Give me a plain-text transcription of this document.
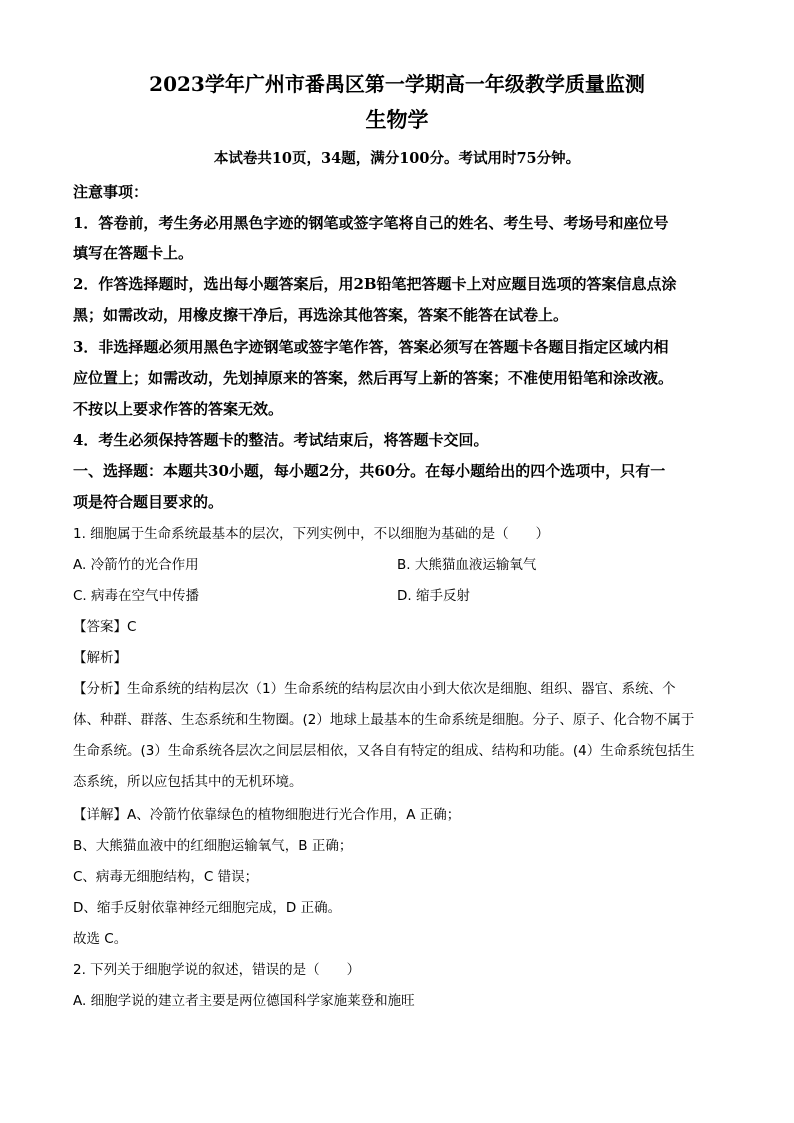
2023学年广州市番禺区第一学期高一年级教学质量监测
生物学
本试卷共10页，34题，满分100分。考试用时75分钟。
注意事项：
1．答卷前，考生务必用黑色字迹的钢笔或签字笔将自己的姓名、考生号、考场号和座位号
填写在答题卡上。
2．作答选择题时，选出每小题答案后，用2B铅笔把答题卡上对应题目选项的答案信息点涂
黑；如需改动，用橡皮擦干净后，再选涂其他答案，答案不能答在试卷上。
3．非选择题必须用黑色字迹钢笔或签字笔作答，答案必须写在答题卡各题目指定区域内相
应位置上；如需改动，先划掉原来的答案，然后再写上新的答案；不准使用铅笔和涂改液。
不按以上要求作答的答案无效。
4．考生必须保持答题卡的整洁。考试结束后，将答题卡交回。
一、选择题：本题共30小题，每小题2分，共60分。在每小题给出的四个选项中，只有一
项是符合题目要求的。
1. 细胞属于生命系统最基本的层次，下列实例中，不以细胞为基础的是（　　）
A. 冷箭竹的光合作用	B. 大熊猫血液运输氧气
C. 病毒在空气中传播	D. 缩手反射
【答案】C
【解析】
【分析】生命系统的结构层次（1）生命系统的结构层次由小到大依次是细胞、组织、器官、系统、个
体、种群、群落、生态系统和生物圈。(2）地球上最基本的生命系统是细胞。分子、原子、化合物不属于
生命系统。(3）生命系统各层次之间层层相依，又各自有特定的组成、结构和功能。(4）生命系统包括生
态系统，所以应包括其中的无机环境。
【详解】A、冷箭竹依靠绿色的植物细胞进行光合作用，A 正确；
B、大熊猫血液中的红细胞运输氧气，B 正确；
C、病毒无细胞结构，C 错误；
D、缩手反射依靠神经元细胞完成，D 正确。
故选 C。
2. 下列关于细胞学说的叙述，错误的是（　　）
A. 细胞学说的建立者主要是两位德国科学家施莱登和施旺
